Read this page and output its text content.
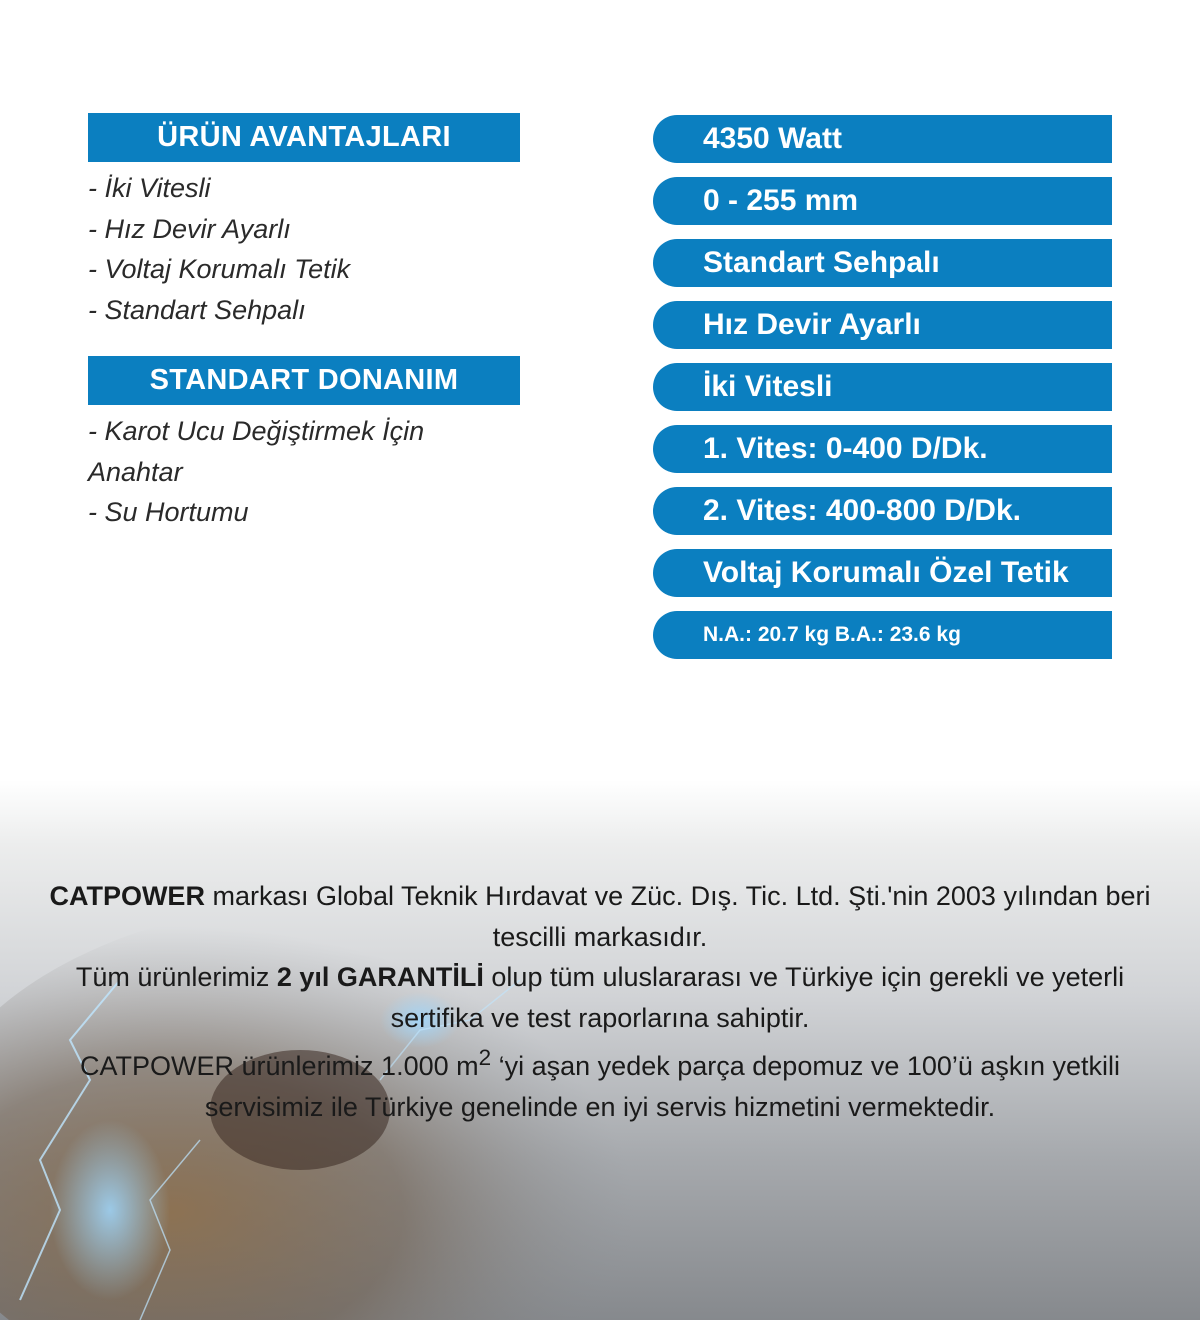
ÜRÜN AVANTAJLARI
- İki Vitesli
- Hız Devir Ayarlı
- Voltaj Korumalı Tetik
- Standart Sehpalı
STANDART DONANIM
- Karot Ucu Değiştirmek İçin Anahtar
- Su Hortumu
4350 Watt
0 - 255 mm
Standart Sehpalı
Hız Devir Ayarlı
İki Vitesli
1. Vites: 0-400 D/Dk.
2. Vites: 400-800 D/Dk.
Voltaj Korumalı Özel Tetik
N.A.: 20.7 kg B.A.: 23.6 kg

CATPOWER markası Global Teknik Hırdavat ve Züc. Dış. Tic. Ltd. Şti.'nin 2003 yılından beri tescilli markasıdır.

Tüm ürünlerimiz 2 yıl GARANTİLİ olup tüm uluslararası ve Türkiye için gerekli ve yeterli sertifika ve test raporlarına sahiptir.

CATPOWER ürünlerimiz 1.000 $m^2$ ‘yi aşan yedek parça depomuz ve 100’ü aşkın yetkili servisimiz ile Türkiye genelinde en iyi servis hizmetini vermektedir.
